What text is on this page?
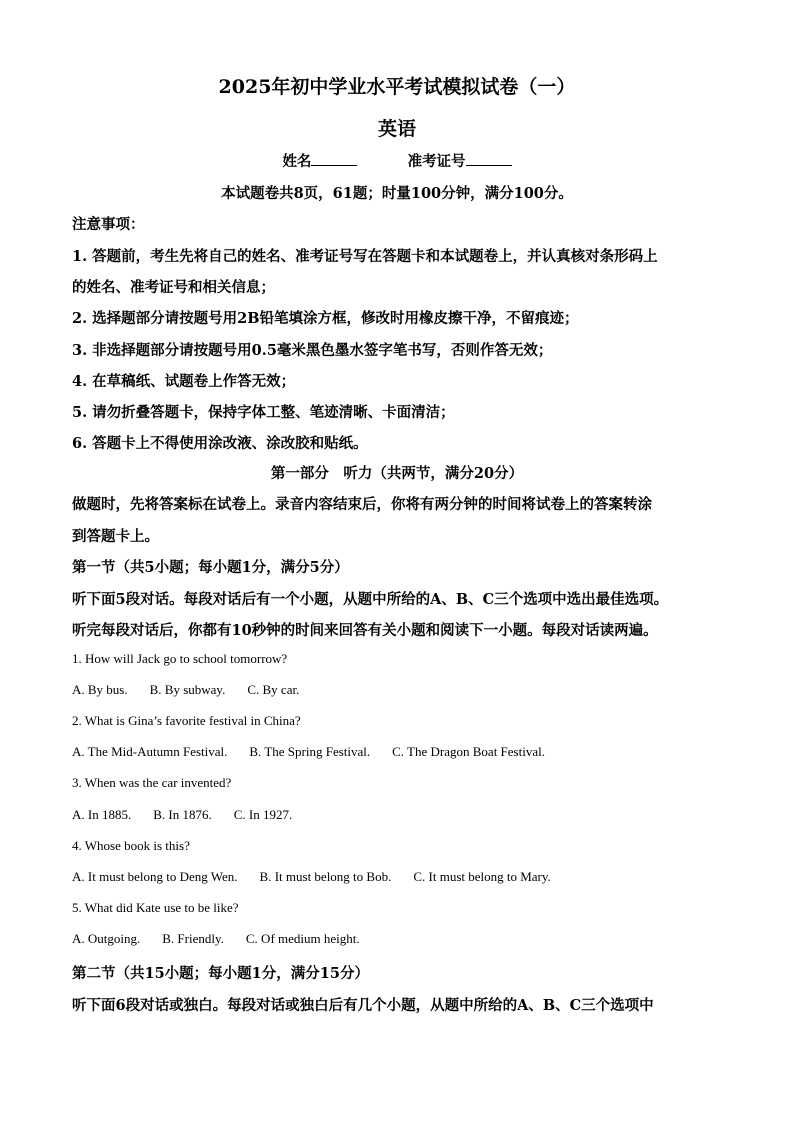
2025年初中学业水平考试模拟试卷（一）
英语
姓名	准考证号
本试题卷共8页，61题；时量100分钟，满分100分。
注意事项：
1. 答题前，考生先将自己的姓名、准考证号写在答题卡和本试题卷上，并认真核对条形码上
的姓名、准考证号和相关信息；
2. 选择题部分请按题号用2B铅笔填涂方框，修改时用橡皮擦干净，不留痕迹；
3. 非选择题部分请按题号用0.5毫米黑色墨水签字笔书写，否则作答无效；
4. 在草稿纸、试题卷上作答无效；
5. 请勿折叠答题卡，保持字体工整、笔迹清晰、卡面清洁；
6. 答题卡上不得使用涂改液、涂改胶和贴纸。
第一部分　听力（共两节，满分20分）
做题时，先将答案标在试卷上。录音内容结束后，你将有两分钟的时间将试卷上的答案转涂
到答题卡上。
第一节（共5小题；每小题1分，满分5分）
听下面5段对话。每段对话后有一个小题，从题中所给的A、B、C三个选项中选出最佳选项。
听完每段对话后，你都有10秒钟的时间来回答有关小题和阅读下一小题。每段对话读两遍。
1. How will Jack go to school tomorrow?
A. By bus. B. By subway. C. By car.
2. What is Gina’s favorite festival in China?
A. The Mid-Autumn Festival. B. The Spring Festival. C. The Dragon Boat Festival.
3. When was the car invented?
A. In 1885. B. In 1876. C. In 1927.
4. Whose book is this?
A. It must belong to Deng Wen. B. It must belong to Bob. C. It must belong to Mary.
5. What did Kate use to be like?
A. Outgoing. B. Friendly. C. Of medium height.
第二节（共15小题；每小题1分，满分15分）
听下面6段对话或独白。每段对话或独白后有几个小题，从题中所给的A、B、C三个选项中
